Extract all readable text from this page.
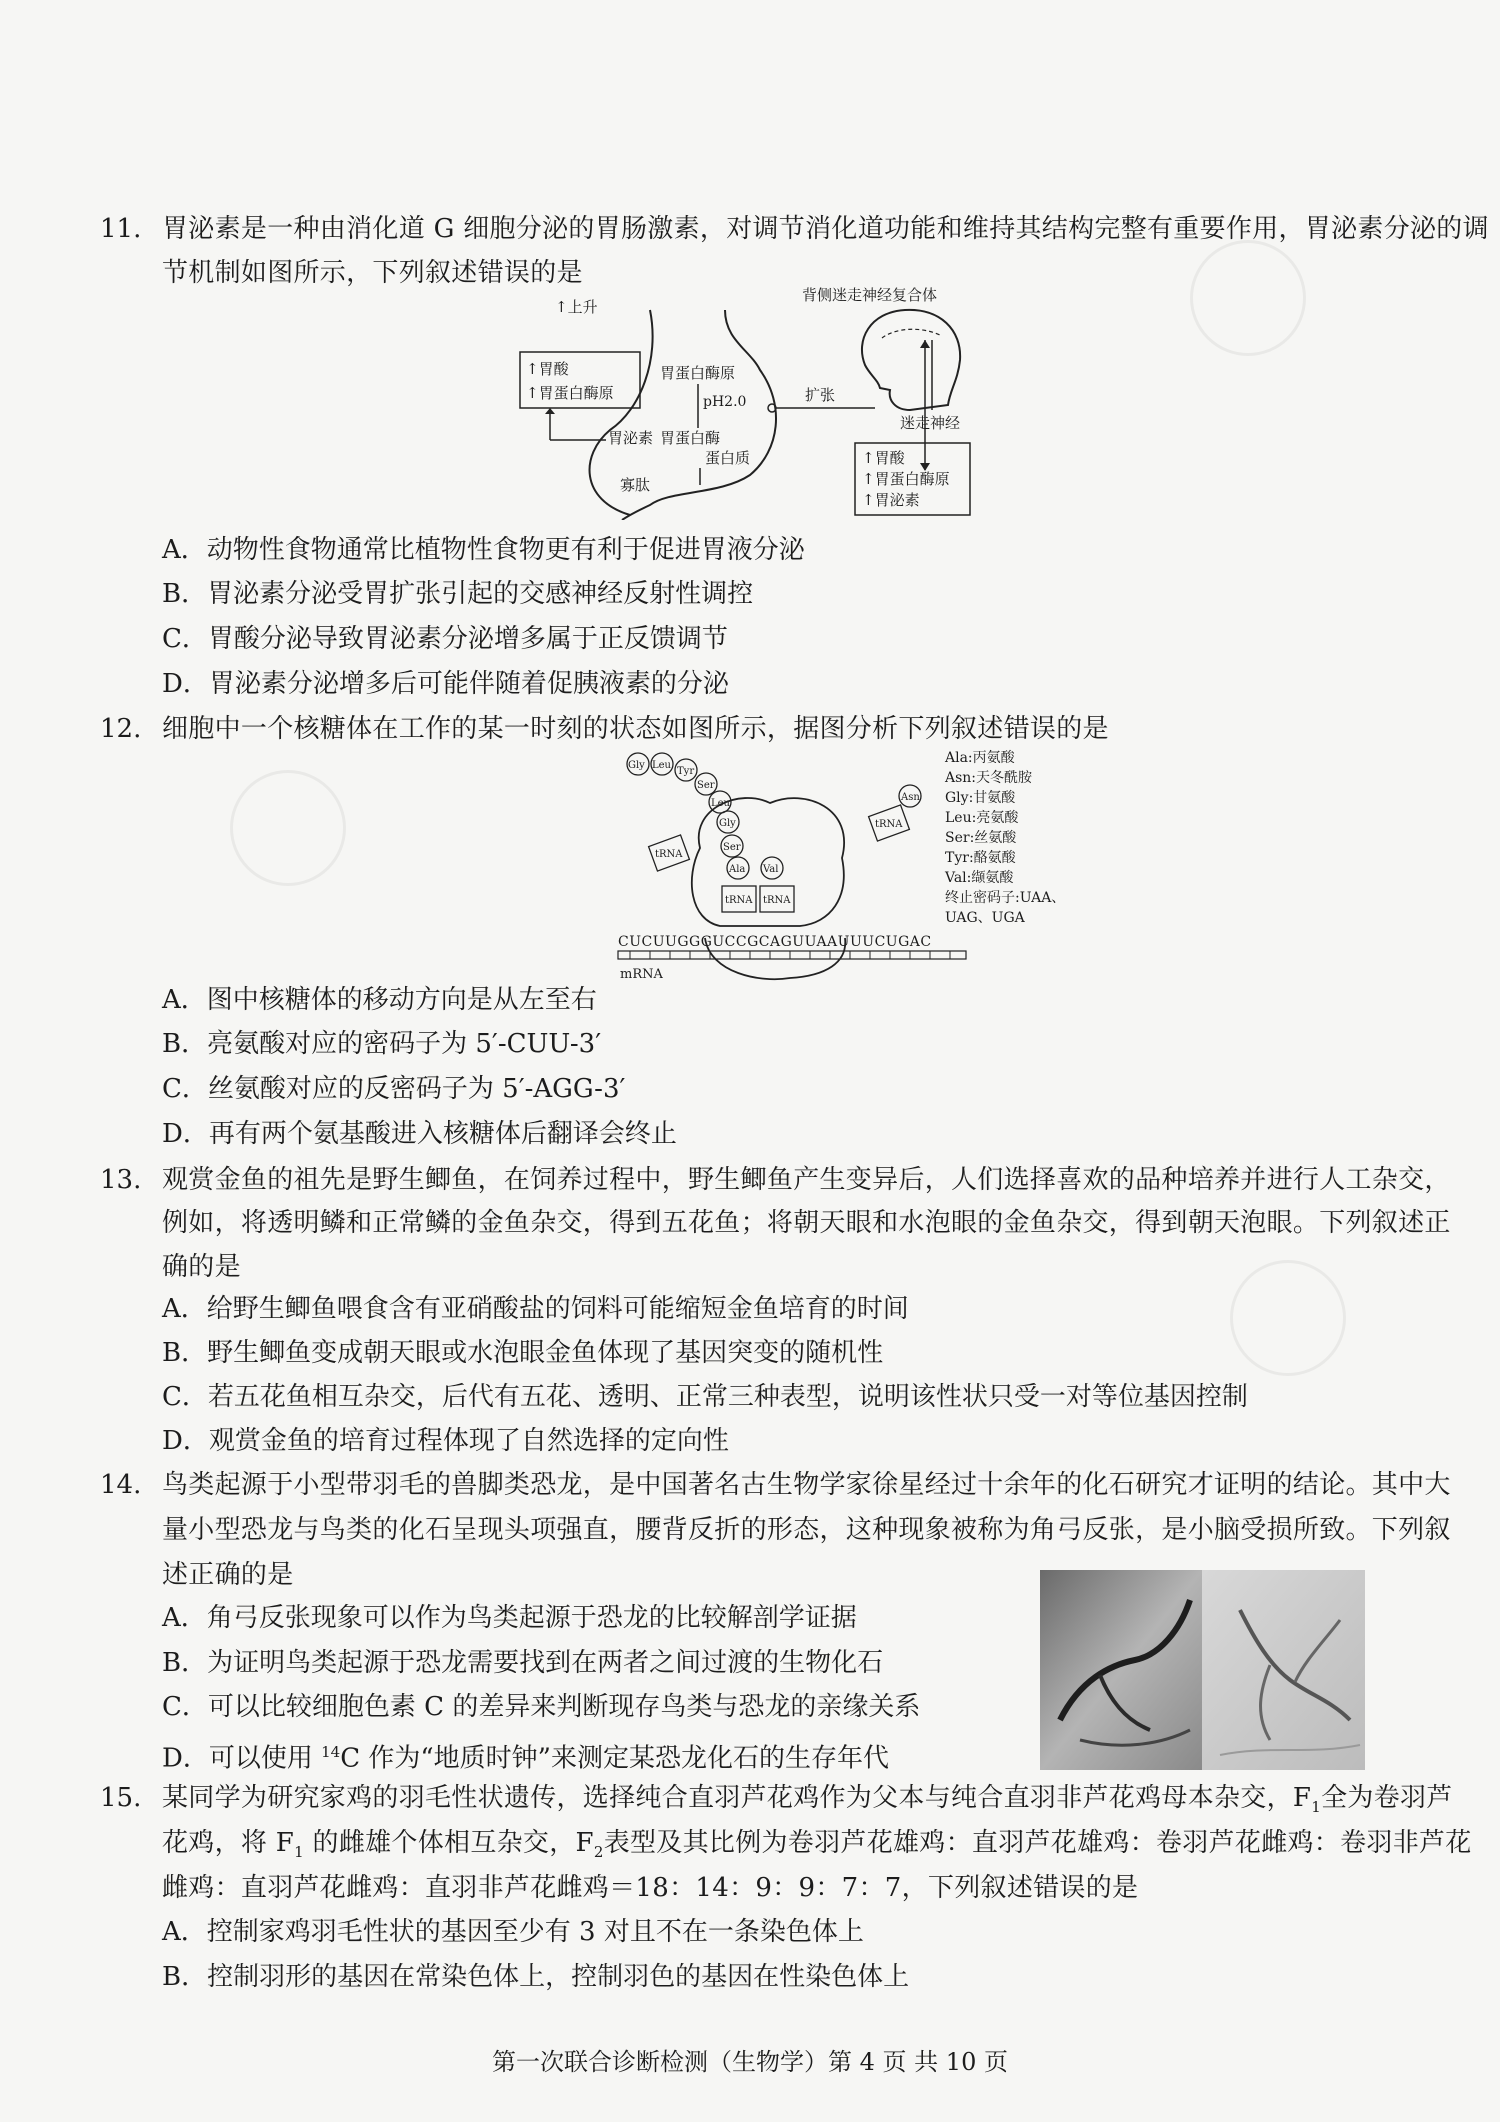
11. 胃泌素是一种由消化道 G 细胞分泌的胃肠激素，对调节消化道功能和维持其结构完整有重要作用，胃泌素分泌的调
节机制如图所示，下列叙述错误的是
↑上升
背侧迷走神经复合体
↑胃酸
↑胃蛋白酶原
胃蛋白酶原
pH2.0
胃蛋白酶
蛋白质
寡肽
胃泌素
扩张
迷走神经
↑胃酸
↑胃蛋白酶原
↑胃泌素
A．动物性食物通常比植物性食物更有利于促进胃液分泌
B．胃泌素分泌受胃扩张引起的交感神经反射性调控
C．胃酸分泌导致胃泌素分泌增多属于正反馈调节
D．胃泌素分泌增多后可能伴随着促胰液素的分泌
12. 细胞中一个核糖体在工作的某一时刻的状态如图所示，据图分析下列叙述错误的是
Gly Leu
Tyr
Ser
Leu
Gly
Ser
Ala Val
tRNA tRNA
tRNA
Asn
tRNA
CUCUUGGGUCCGCAGUUAAUUUCUGAC
mRNA
Ala:丙氨酸
Asn:天冬酰胺
Gly:甘氨酸
Leu:亮氨酸
Ser:丝氨酸
Tyr:酪氨酸
Val:缬氨酸
终止密码子:UAA、
UAG、UGA
A．图中核糖体的移动方向是从左至右
B．亮氨酸对应的密码子为 5′-CUU-3′
C．丝氨酸对应的反密码子为 5′-AGG-3′
D．再有两个氨基酸进入核糖体后翻译会终止
13. 观赏金鱼的祖先是野生鲫鱼，在饲养过程中，野生鲫鱼产生变异后，人们选择喜欢的品种培养并进行人工杂交，
例如，将透明鳞和正常鳞的金鱼杂交，得到五花鱼；将朝天眼和水泡眼的金鱼杂交，得到朝天泡眼。下列叙述正
确的是
A．给野生鲫鱼喂食含有亚硝酸盐的饲料可能缩短金鱼培育的时间
B．野生鲫鱼变成朝天眼或水泡眼金鱼体现了基因突变的随机性
C．若五花鱼相互杂交，后代有五花、透明、正常三种表型，说明该性状只受一对等位基因控制
D．观赏金鱼的培育过程体现了自然选择的定向性
14. 鸟类起源于小型带羽毛的兽脚类恐龙，是中国著名古生物学家徐星经过十余年的化石研究才证明的结论。其中大
量小型恐龙与鸟类的化石呈现头项强直，腰背反折的形态，这种现象被称为角弓反张，是小脑受损所致。下列叙
述正确的是
A．角弓反张现象可以作为鸟类起源于恐龙的比较解剖学证据
B．为证明鸟类起源于恐龙需要找到在两者之间过渡的生物化石
C．可以比较细胞色素 C 的差异来判断现存鸟类与恐龙的亲缘关系
D．可以使用 $^{14}$C 作为“地质时钟”来测定某恐龙化石的生存年代
15. 某同学为研究家鸡的羽毛性状遗传，选择纯合直羽芦花鸡作为父本与纯合直羽非芦花鸡母本杂交，$F_1$全为卷羽芦
花鸡，将 $F_1$ 的雌雄个体相互杂交，$F_2$表型及其比例为卷羽芦花雄鸡：直羽芦花雄鸡：卷羽芦花雌鸡：卷羽非芦花
雌鸡：直羽芦花雌鸡：直羽非芦花雌鸡＝18：14：9：9：7：7，下列叙述错误的是
A．控制家鸡羽毛性状的基因至少有 3 对且不在一条染色体上
B．控制羽形的基因在常染色体上，控制羽色的基因在性染色体上
第一次联合诊断检测（生物学）第 4 页 共 10 页
